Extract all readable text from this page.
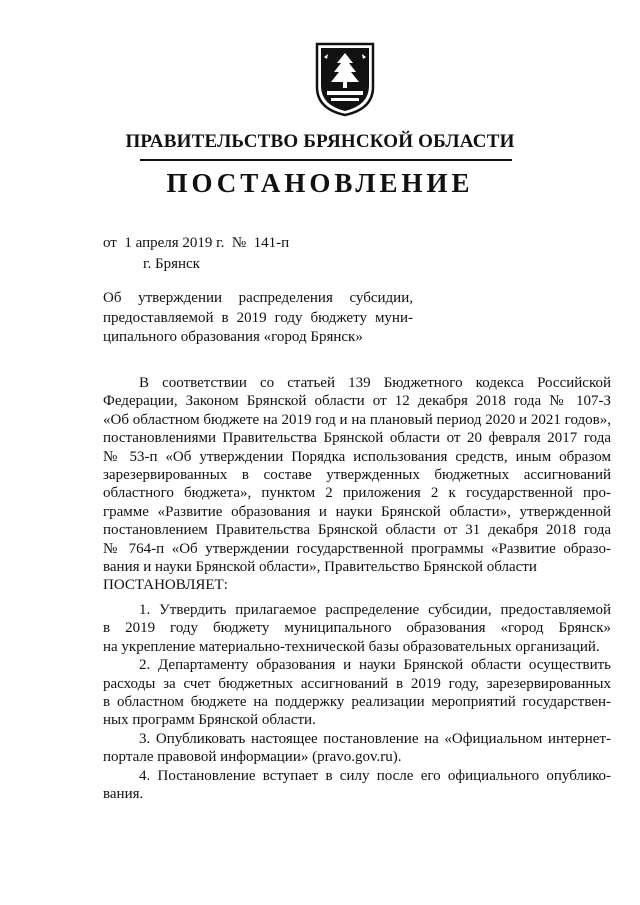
ПРАВИТЕЛЬСТВО БРЯНСКОЙ ОБЛАСТИ
ПОСТАНОВЛЕНИЕ
от  1 апреля 2019 г.  №  141-п
г. Брянск
Об утверждении распределения субсидии,
предоставляемой в 2019 году бюджету муни-
ципального образования «город Брянск»
В соответствии со статьей 139 Бюджетного кодекса Российской
Федерации, Законом Брянской области от 12 декабря 2018 года № 107-З
«Об областном бюджете на 2019 год и на плановый период 2020 и 2021 годов»,
постановлениями Правительства Брянской области от 20 февраля 2017 года
№ 53-п «Об утверждении Порядка использования средств, иным образом
зарезервированных в составе утвержденных бюджетных ассигнований
областного бюджета», пунктом 2 приложения 2 к государственной про-
грамме «Развитие образования и науки Брянской области», утвержденной
постановлением Правительства Брянской области от 31 декабря 2018 года
№ 764-п «Об утверждении государственной программы «Развитие образо-
вания и науки Брянской области», Правительство Брянской области
ПОСТАНОВЛЯЕТ:
1. Утвердить прилагаемое распределение субсидии, предоставляемой
в 2019 году бюджету муниципального образования «город Брянск»
на укрепление материально-технической базы образовательных организаций.
2. Департаменту образования и науки Брянской области осуществить
расходы за счет бюджетных ассигнований в 2019 году, зарезервированных
в областном бюджете на поддержку реализации мероприятий государствен-
ных программ Брянской области.
3. Опубликовать настоящее постановление на «Официальном интернет-
портале правовой информации» (pravo.gov.ru).
4. Постановление вступает в силу после его официального опублико-
вания.
